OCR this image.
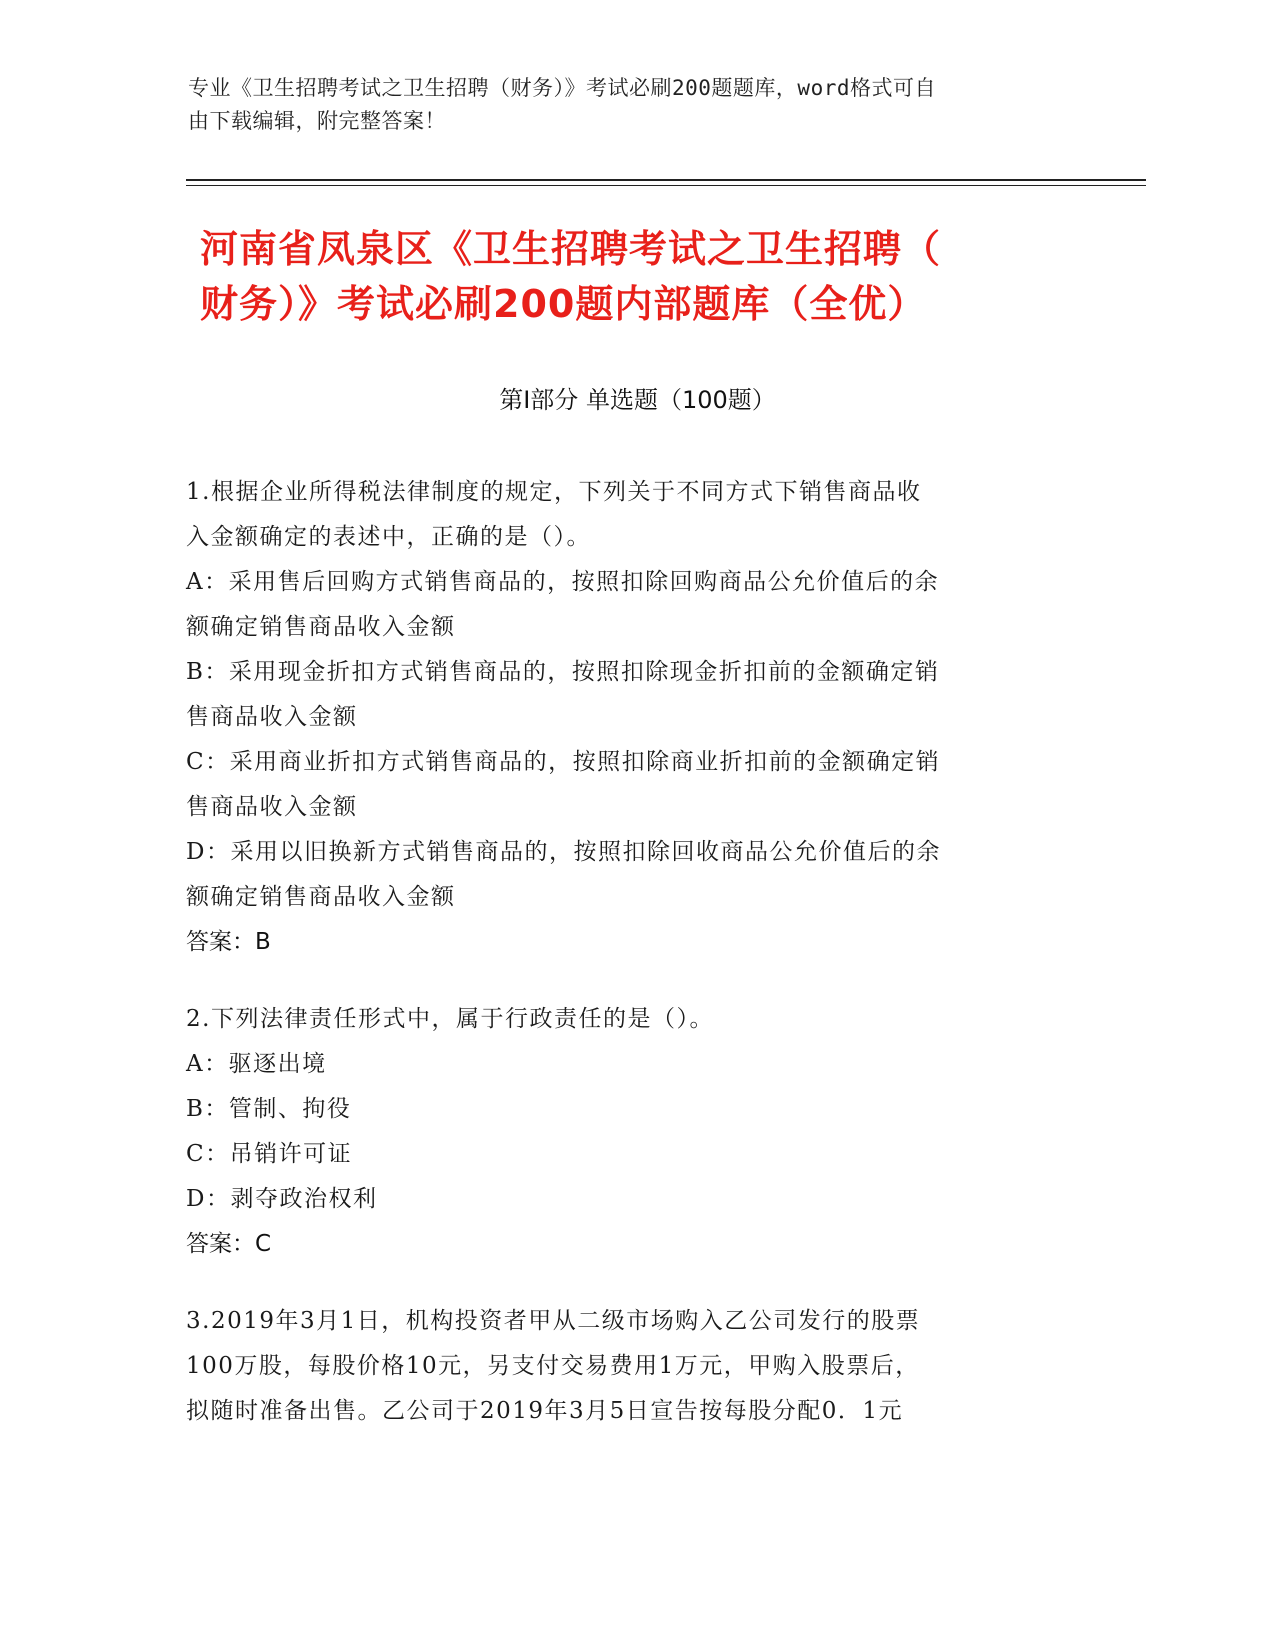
专业《卫生招聘考试之卫生招聘（财务）》考试必刷200题题库，word格式可自
由下载编辑，附完整答案！
河南省凤泉区《卫生招聘考试之卫生招聘（
财务）》考试必刷200题内部题库（全优）
第Ⅰ部分 单选题（100题）

1.根据企业所得税法律制度的规定，下列关于不同方式下销售商品收

入金额确定的表述中，正确的是（）。

A：采用售后回购方式销售商品的，按照扣除回购商品公允价值后的余

额确定销售商品收入金额

B：采用现金折扣方式销售商品的，按照扣除现金折扣前的金额确定销

售商品收入金额

C：采用商业折扣方式销售商品的，按照扣除商业折扣前的金额确定销

售商品收入金额

D：采用以旧换新方式销售商品的，按照扣除回收商品公允价值后的余

额确定销售商品收入金额

答案：B

2.下列法律责任形式中，属于行政责任的是（）。

A：驱逐出境

B：管制、拘役

C：吊销许可证

D：剥夺政治权利

答案：C

3.2019年3月1日，机构投资者甲从二级市场购入乙公司发行的股票

100万股，每股价格10元，另支付交易费用1万元，甲购入股票后，

拟随时准备出售。乙公司于2019年3月5日宣告按每股分配0．1元
